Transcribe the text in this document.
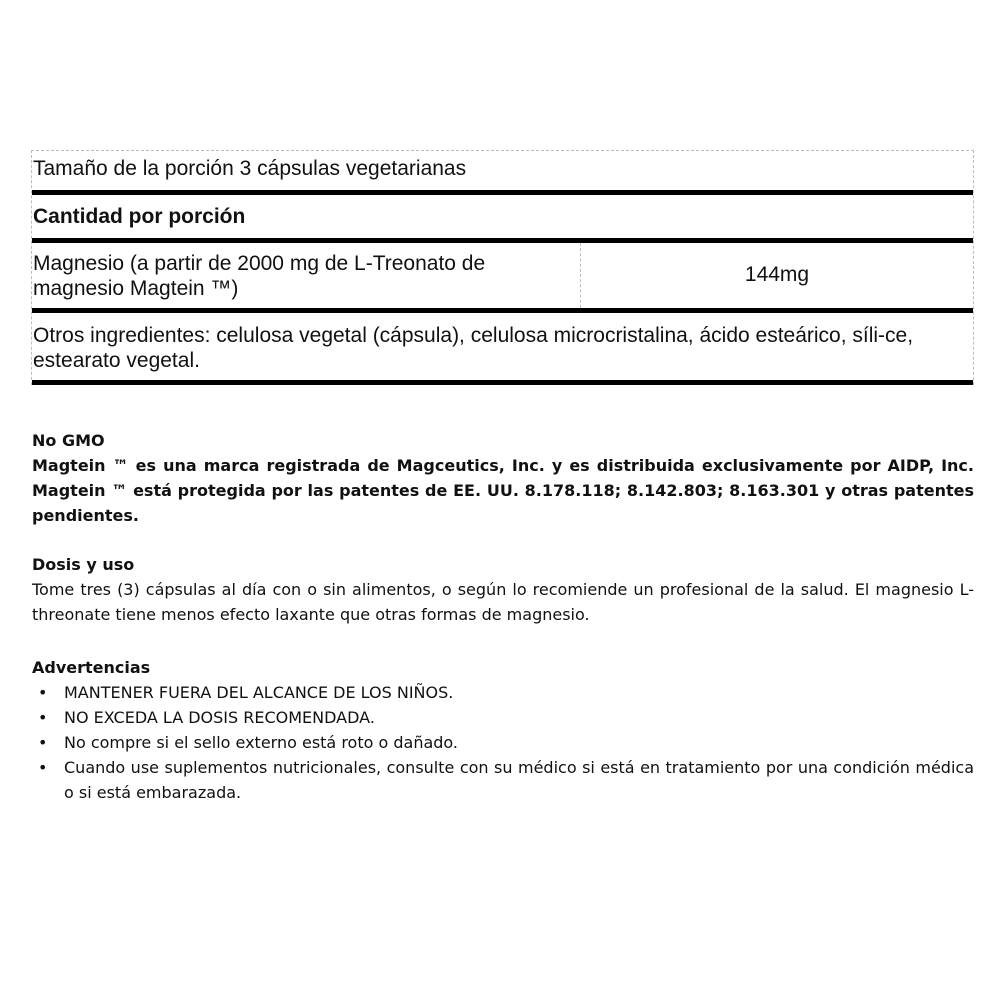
Tamaño de la porción 3 cápsulas vegetarianas
Cantidad por porción
Magnesio (a partir de 2000 mg de L-Treonato de magnesio Magtein ™)
144mg
Otros ingredientes: celulosa vegetal (cápsula), celulosa microcristalina, ácido esteárico, síli-ce, estearato vegetal.
No GMO
Magtein ™ es una marca registrada de Magceutics, Inc. y es distribuida exclusivamente por AIDP, Inc.
Magtein ™ está protegida por las patentes de EE. UU. 8.178.118; 8.142.803; 8.163.301 y otras patentes pendientes.
Dosis y uso
Tome tres (3) cápsulas al día con o sin alimentos, o según lo recomiende un profesional de la salud. El magnesio L-threonate tiene menos efecto laxante que otras formas de magnesio.
Advertencias
• MANTENER FUERA DEL ALCANCE DE LOS NIÑOS.
• NO EXCEDA LA DOSIS RECOMENDADA.
• No compre si el sello externo está roto o dañado.
• Cuando use suplementos nutricionales, consulte con su médico si está en tratamiento por una condición médica o si está embarazada.
